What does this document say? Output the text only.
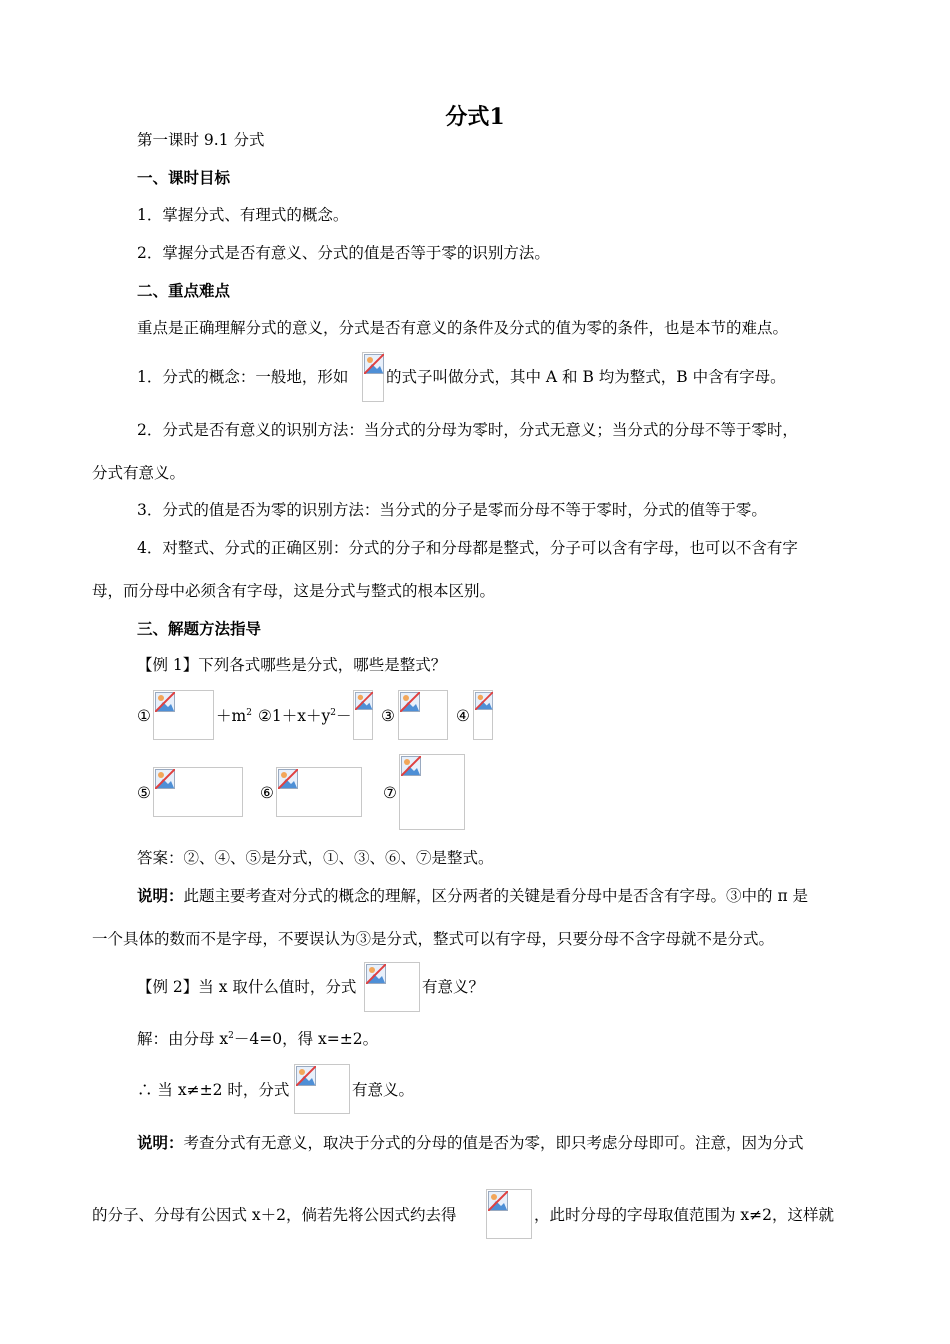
分式1
第一课时 9.1 分式
一、课时目标
1．掌握分式、有理式的概念。
2．掌握分式是否有意义、分式的值是否等于零的识别方法。
二、重点难点
重点是正确理解分式的意义，分式是否有意义的条件及分式的值为零的条件，也是本节的难点。
1．分式的概念：一般地，形如 的式子叫做分式，其中 A 和 B 均为整式，B 中含有字母。
2．分式是否有意义的识别方法：当分式的分母为零时，分式无意义；当分式的分母不等于零时，
分式有意义。
3．分式的值是否为零的识别方法：当分式的分子是零而分母不等于零时，分式的值等于零。
4．对整式、分式的正确区别：分式的分子和分母都是整式，分子可以含有字母，也可以不含有字
母，而分母中必须含有字母，这是分式与整式的根本区别。
三、解题方法指导
【例 1】下列各式哪些是分式，哪些是整式？
①	$+m^2$ $②1+x+y^2-$ ③	④
⑤	⑥	⑦
答案：②、④、⑤是分式，①、③、⑥、⑦是整式。
说明：此题主要考查对分式的概念的理解，区分两者的关键是看分母中是否含有字母。③中的 π 是
一个具体的数而不是字母，不要误认为③是分式，整式可以有字母，只要分母不含字母就不是分式。
【例 2】当 x 取什么值时，分式	有意义？
解：由分母 $x^2-4=0$，得 x=±2。
∴ 当 x≠±2 时，分式	有意义。
说明：考查分式有无意义，取决于分式的分母的值是否为零，即只考虑分母即可。注意，因为分式
的分子、分母有公因式 x＋2，倘若先将公因式约去得	，此时分母的字母取值范围为 x≠2，这样就
